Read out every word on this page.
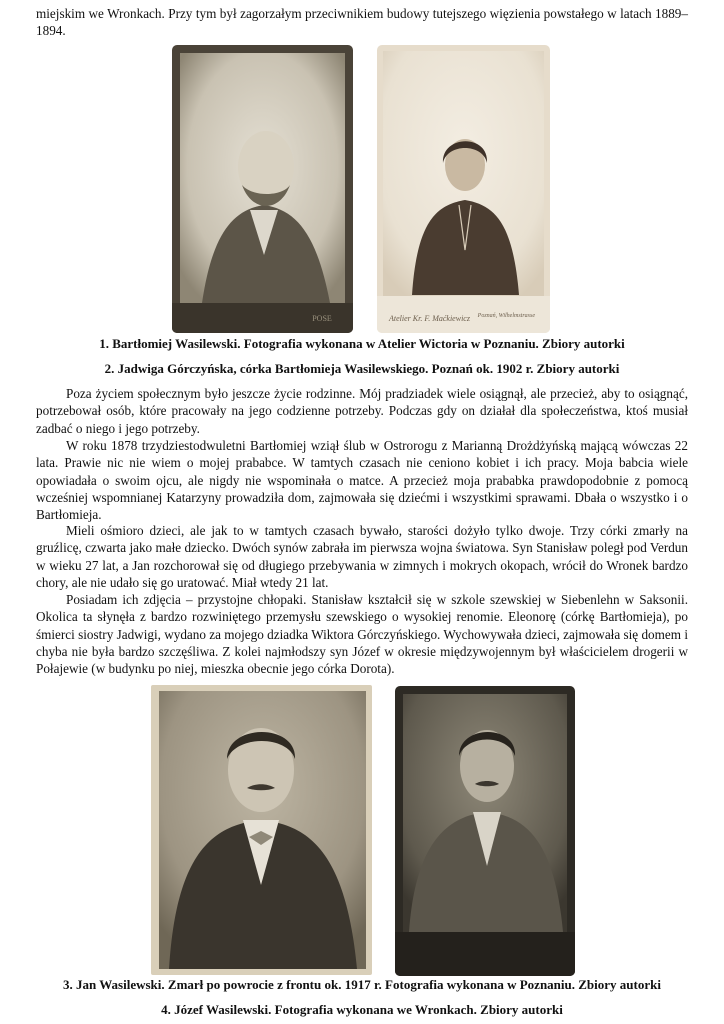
miejskim we Wronkach. Przy tym był zagorzałym przeciwnikiem budowy tutejszego więzienia powstałego w latach 1889–1894.

POSE	Atelier Kr. F. Maćkiewicz Poznań, Wilhelmstrasse

1. Bartłomiej Wasilewski. Fotografia wykonana w Atelier Wictoria w Poznaniu. Zbiory autorki

2. Jadwiga Górczyńska, córka Bartłomieja Wasilewskiego. Poznań ok. 1902 r. Zbiory autorki

Poza życiem społecznym było jeszcze życie rodzinne. Mój pradziadek wiele osiągnął, ale przecież, aby to osiągnąć, potrzebował osób, które pracowały na jego codzienne potrzeby. Podczas gdy on działał dla społeczeństwa, ktoś musiał zadbać o niego i jego potrzeby.

W roku 1878 trzydziestodwuletni Bartłomiej wziął ślub w Ostrorogu z Marianną Drożdżyńską mającą wówczas 22 lata. Prawie nic nie wiem o mojej prababce. W tamtych czasach nie ceniono kobiet i ich pracy. Moja babcia wiele opowiadała o swoim ojcu, ale nigdy nie wspominała o matce. A przecież moja prababka prawdopodobnie z pomocą wcześniej wspomnianej Katarzyny prowadziła dom, zajmowała się dziećmi i wszystkimi sprawami. Dbała o wszystko i o Bartłomieja.

Mieli ośmioro dzieci, ale jak to w tamtych czasach bywało, starości dożyło tylko dwoje. Trzy córki zmarły na gruźlicę, czwarta jako małe dziecko. Dwóch synów zabrała im pierwsza wojna światowa. Syn Stanisław poległ pod Verdun w wieku 27 lat, a Jan rozchorował się od długiego przebywania w zimnych i mokrych okopach, wrócił do Wronek bardzo chory, ale nie udało się go uratować. Miał wtedy 21 lat.

Posiadam ich zdjęcia – przystojne chłopaki. Stanisław kształcił się w szkole szewskiej w Siebenlehn w Saksonii. Okolica ta słynęła z bardzo rozwiniętego przemysłu szewskiego o wysokiej renomie. Eleonorę (córkę Bartłomieja), po śmierci siostry Jadwigi, wydano za mojego dziadka Wiktora Górczyńskiego. Wychowywała dzieci, zajmowała się domem i chyba nie była bardzo szczęśliwa. Z kolei najmłodszy syn Józef w okresie międzywojennym był właścicielem drogerii w Połajewie (w budynku po niej, mieszka obecnie jego córka Dorota).

3. Jan Wasilewski. Zmarł po powrocie z frontu ok. 1917 r. Fotografia wykonana w Poznaniu. Zbiory autorki

4. Józef Wasilewski. Fotografia wykonana we Wronkach. Zbiory autorki
